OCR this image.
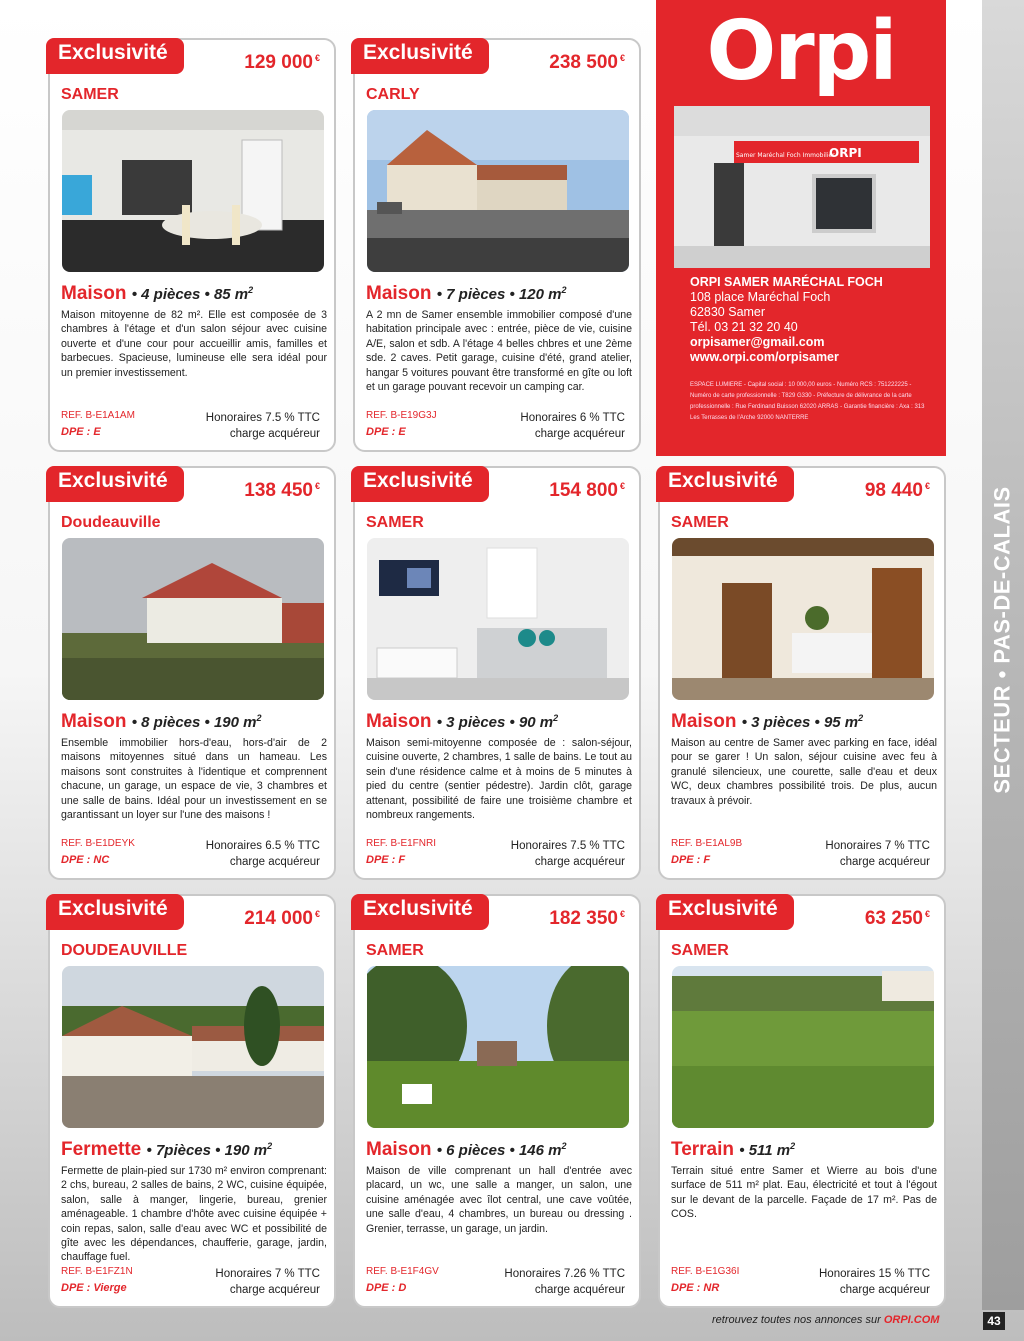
SECTEUR • PAS-DE-CALAIS
Exclusivité	129 000 €
SAMER
Maison • 4 pièces • 85 $m^2$
Maison mitoyenne de 82 m². Elle est composée de 3 chambres à l'étage et d'un salon séjour avec cuisine ouverte et d'une cour pour accueillir amis, familles et barbecues. Spacieuse, lumineuse elle sera idéal pour un premier investissement.
REF. B-E1A1AM
DPE : E
Honoraires 7.5 % TTC
charge acquéreur
Exclusivité	238 500 €
CARLY
Maison • 7 pièces • 120 $m^2$
A 2 mn de Samer ensemble immobilier composé d'une habitation principale avec : entrée, pièce de vie, cuisine A/E, salon et sdb. A l'étage 4 belles chbres et une 2ème sde. 2 caves. Petit garage, cuisine d'été, grand atelier, hangar 5 voitures pouvant être transformé en gîte ou loft et un garage pouvant recevoir un camping car.
REF. B-E19G3J
DPE : E
Honoraires 6 % TTC
charge acquéreur
Exclusivité	138 450 €
Doudeauville
Maison • 8 pièces • 190 $m^2$
Ensemble immobilier hors-d'eau, hors-d'air de 2 maisons mitoyennes situé dans un hameau. Les maisons sont construites à l'identique et comprennent chacune, un garage, un espace de vie, 3 chambres et une salle de bains. Idéal pour un investissement en se garantissant un loyer sur l'une des maisons !
REF. B-E1DEYK
DPE : NC
Honoraires 6.5 % TTC
charge acquéreur
Exclusivité	154 800 €
SAMER
Maison • 3 pièces • 90 $m^2$
Maison semi-mitoyenne composée de : salon-séjour, cuisine ouverte, 2 chambres, 1 salle de bains. Le tout au sein d'une résidence calme et à moins de 5 minutes à pied du centre (sentier pédestre). Jardin clôt, garage attenant, possibilité de faire une troisième chambre et nombreux rangements.
REF. B-E1FNRI
DPE : F
Honoraires 7.5 % TTC
charge acquéreur
Exclusivité	98 440 €
SAMER
Maison • 3 pièces • 95 $m^2$
Maison au centre de Samer avec parking en face, idéal pour se garer ! Un salon, séjour cuisine avec feu à granulé silencieux, une courette, salle d'eau et deux WC, deux chambres possibilité trois. De plus, aucun travaux à prévoir.
REF. B-E1AL9B
DPE : F
Honoraires 7 % TTC
charge acquéreur
Exclusivité	214 000 €
DOUDEAUVILLE
Fermette • 7pièces • 190 $m^2$
Fermette de plain-pied sur 1730 m² environ comprenant: 2 chs, bureau, 2 salles de bains, 2 WC, cuisine équipée, salon, salle à manger, lingerie, bureau, grenier aménageable. 1 chambre d'hôte avec cuisine équipée + coin repas, salon, salle d'eau avec WC et possibilité de gîte avec les dépendances, chaufferie, garage, jardin, chauffage fuel.
REF. B-E1FZ1N
DPE : Vierge
Honoraires 7 % TTC
charge acquéreur
Exclusivité	182 350 €
SAMER
Maison • 6 pièces • 146 $m^2$
Maison de ville comprenant un hall d'entrée avec placard, un wc, une salle a manger, un salon, une cuisine aménagée avec îlot central, une cave voûtée, une salle d'eau, 4 chambres, un bureau ou dressing . Grenier, terrasse, un garage, un jardin.
REF. B-E1F4GV
DPE : D
Honoraires 7.26 % TTC
charge acquéreur
Exclusivité	63 250 €
SAMER
Terrain • 511 $m^2$
Terrain situé entre Samer et Wierre au bois d'une surface de 511 m² plat. Eau, électricité et tout à l'égout sur le devant de la parcelle. Façade de 17 m². Pas de COS.
REF. B-E1G36I
DPE : NR
Honoraires 15 % TTC
charge acquéreur
Orpi
ORPI
Samer Maréchal Foch Immobilier
ORPI SAMER MARÉCHAL FOCH
108 place Maréchal Foch
62830 Samer
Tél. 03 21 32 20 40
orpisamer@gmail.com
www.orpi.com/orpisamer
ESPACE LUMIERE - Capital social : 10 000,00 euros - Numéro RCS : 751222225 - Numéro de carte professionnelle : T829 G330 - Préfecture de délivrance de la carte professionnelle : Rue Ferdinand Buisson 62020 ARRAS - Garantie financière : Axa : 313 Les Terrasses de l'Arche 92000 NANTERRE
retrouvez toutes nos annonces sur ORPI.COM	43
